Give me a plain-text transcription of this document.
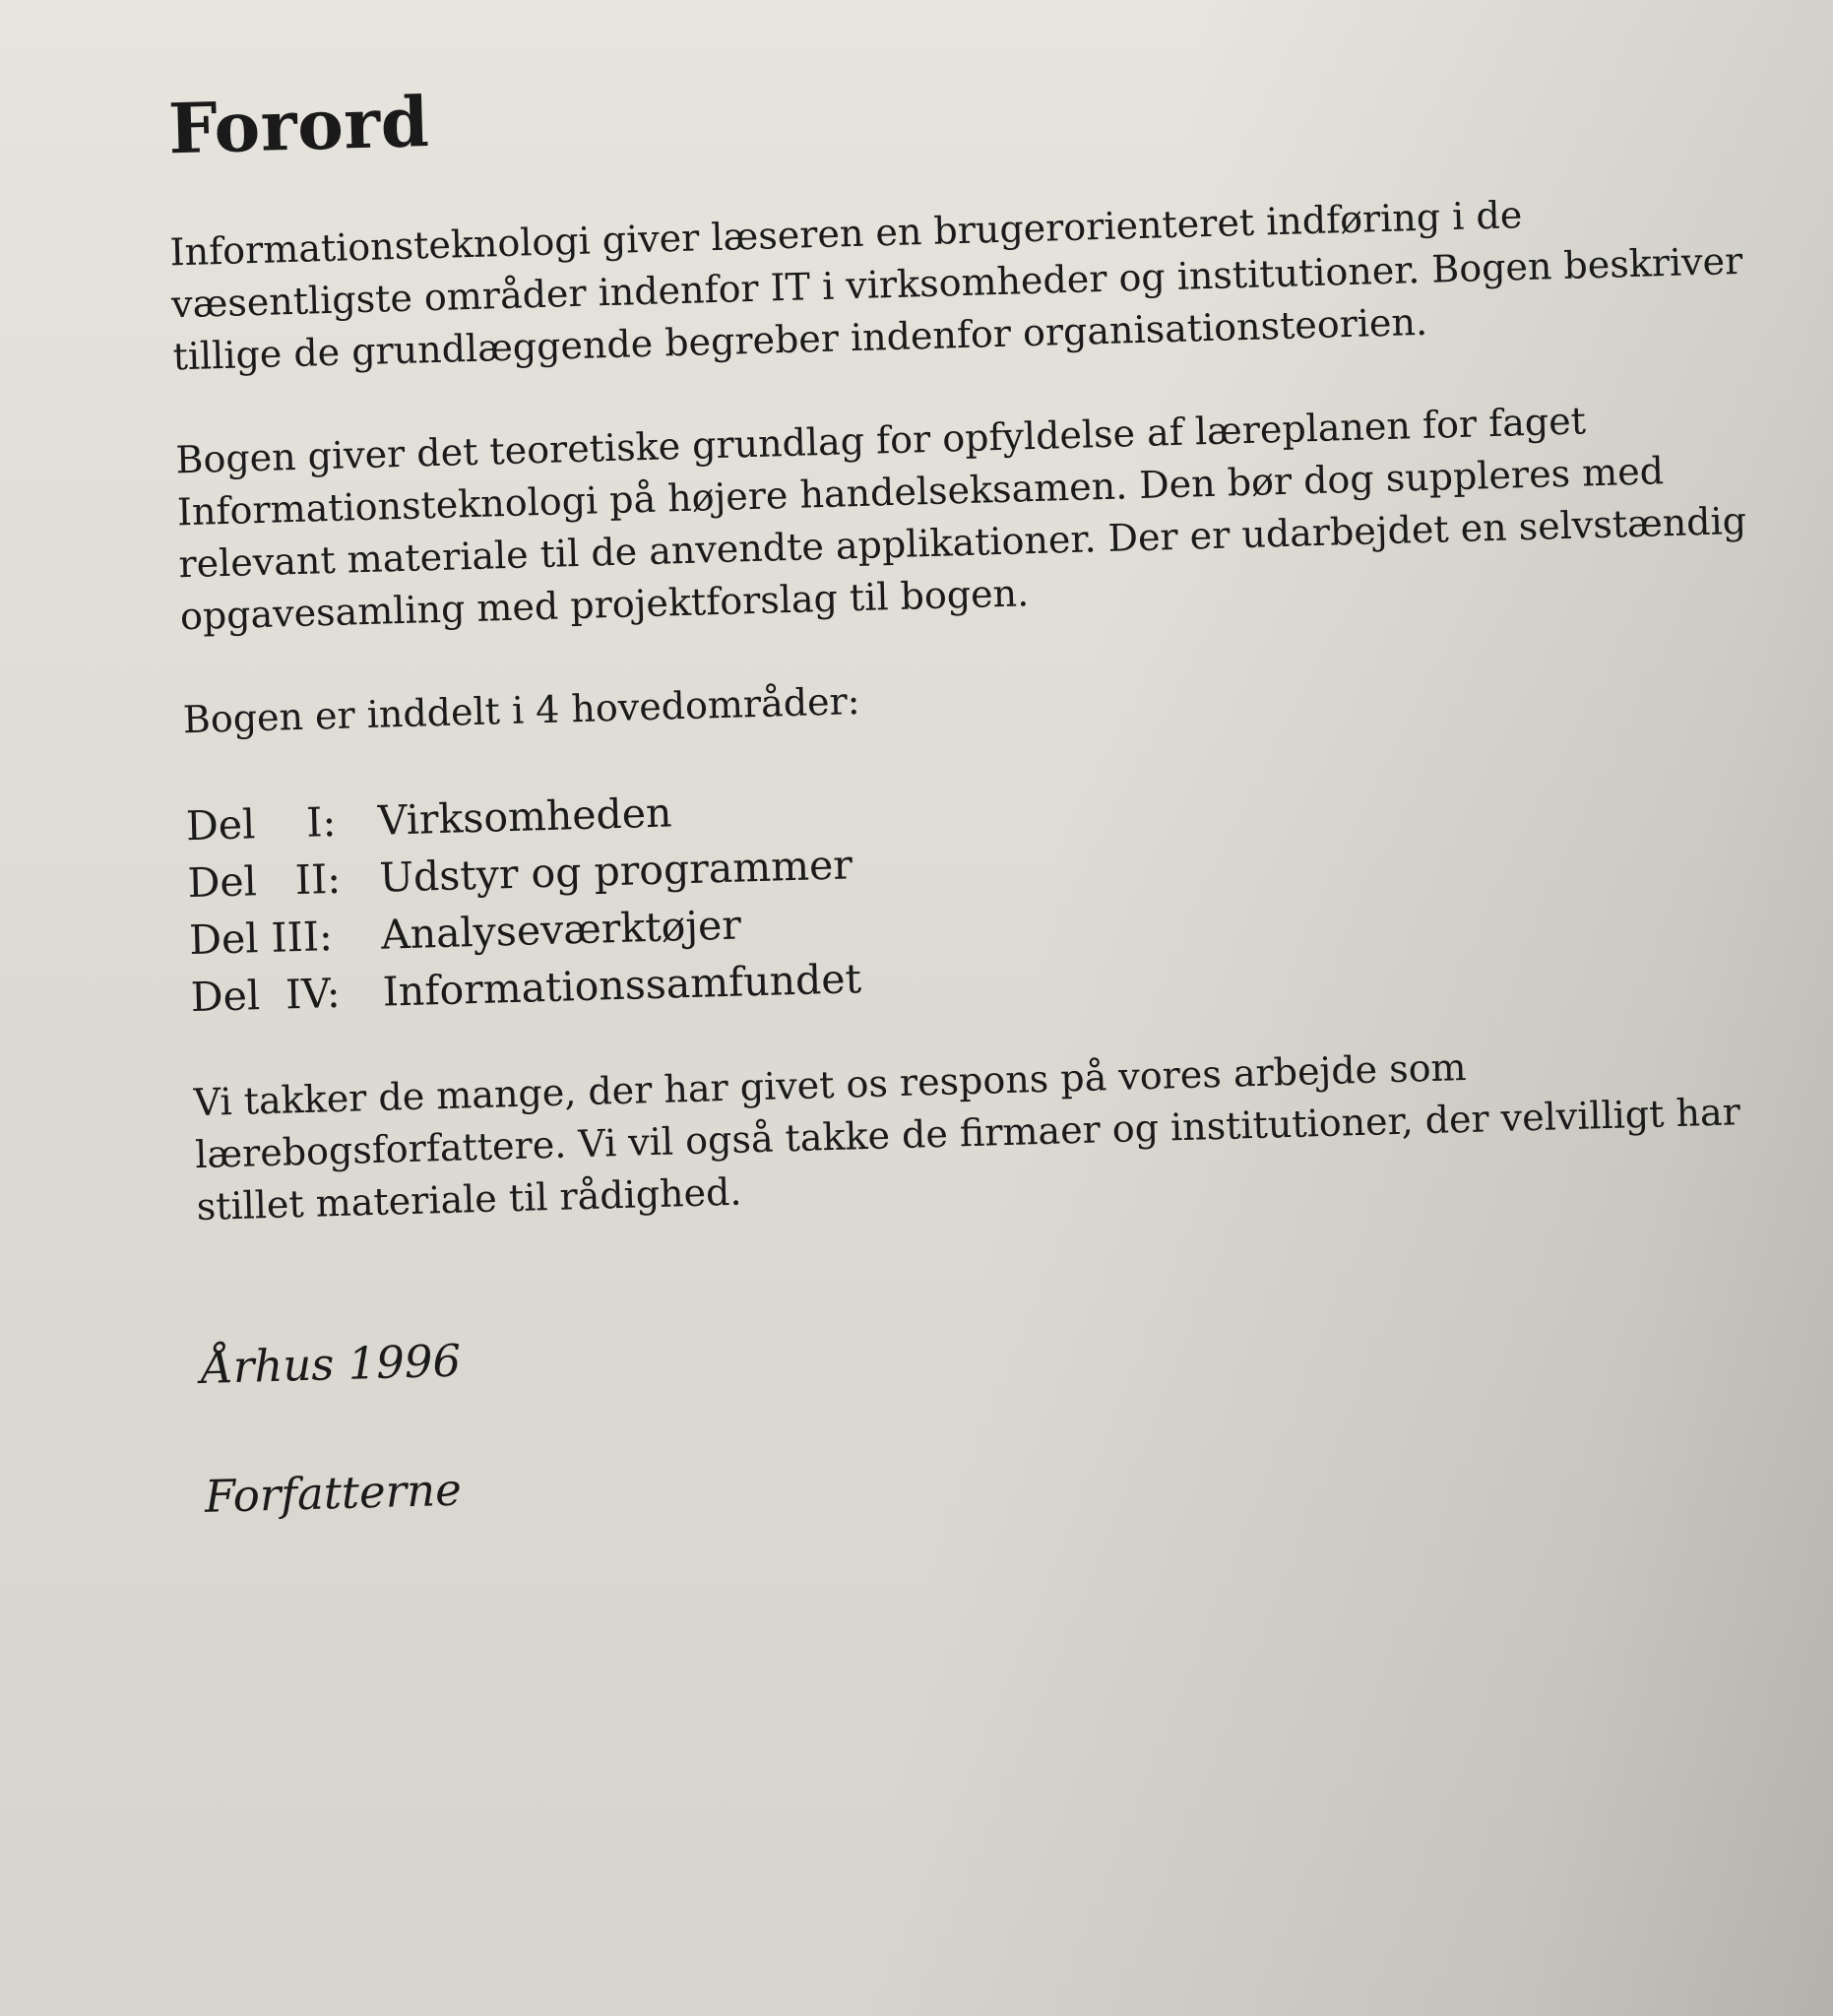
Forord

Informationsteknologi giver læseren en brugerorienteret indføring i de væsentligste områder indenfor IT i virksomheder og institutioner. Bogen beskriver tillige de grundlæggende begreber indenfor organisationsteorien.

Bogen giver det teoretiske grundlag for opfyldelse af læreplanen for faget Informationsteknologi på højere handelseksamen. Den bør dog suppleres med relevant materiale til de anvendte applikationer. Der er udarbejdet en selvstændig opgavesamling med projektforslag til bogen.

Bogen er inddelt i 4 hovedområder:

Del    I:	Virksomheden
Del   II: Udstyr og programmer
Del III:	Analyseværktøjer
Del  IV:	Informationssamfundet

Vi takker de mange, der har givet os respons på vores arbejde som lærebogsforfattere. Vi vil også takke de firmaer og institutioner, der velvilligt har stillet materiale til rådighed.

Århus 1996
Forfatterne
